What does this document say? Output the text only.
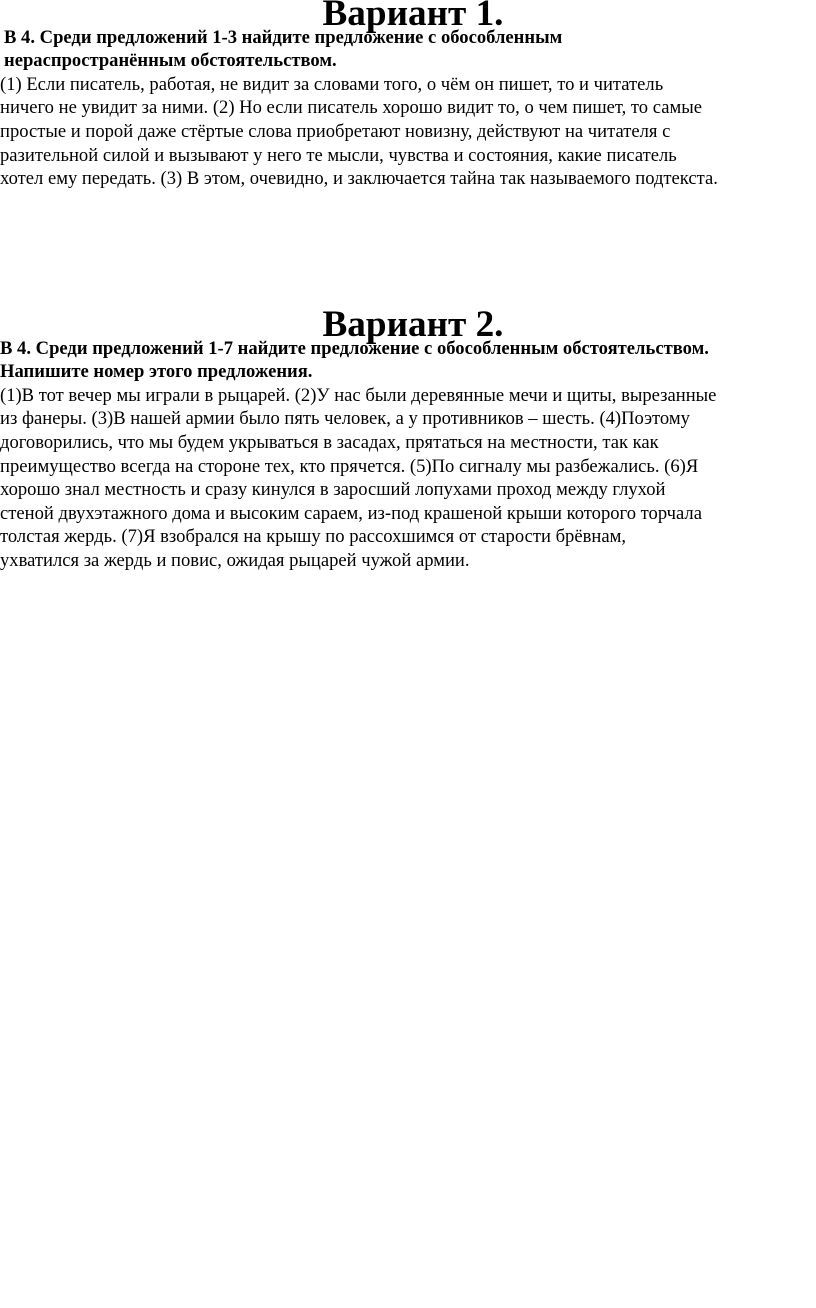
Вариант 1.

В 4. Среди предложений 1-3 найдите предложение с обособленным
нераспространённым обстоятельством.

(1) Если писатель, работая, не видит за словами того, о чём он пишет, то и читатель
ничего не увидит за ними. (2) Но если писатель хорошо видит то, о чем пишет, то самые
простые и порой даже стёртые слова приобретают новизну, действуют на читателя с
разительной силой и вызывают у него те мысли, чувства и состояния, какие писатель
хотел ему передать. (3) В этом, очевидно, и заключается тайна так называемого подтекста.

Вариант 2.

В 4. Среди предложений 1-7 найдите предложение с обособленным обстоятельством.
Напишите номер этого предложения.

(1)В тот вечер мы играли в рыцарей. (2)У нас были деревянные мечи и щиты, вырезанные
из фанеры. (3)В нашей армии было пять человек, а у противников – шесть. (4)Поэтому
договорились, что мы будем укрываться в засадах, прятаться на местности, так как
преимущество всегда на стороне тех, кто прячется. (5)По сигналу мы разбежались. (6)Я
хорошо знал местность и сразу кинулся в заросший лопухами проход между глухой
стеной двухэтажного дома и высоким сараем, из-под крашеной крыши которого торчала
толстая жердь. (7)Я взобрался на крышу по рассохшимся от старости брёвнам,
ухватился за жердь и повис, ожидая рыцарей чужой армии.
